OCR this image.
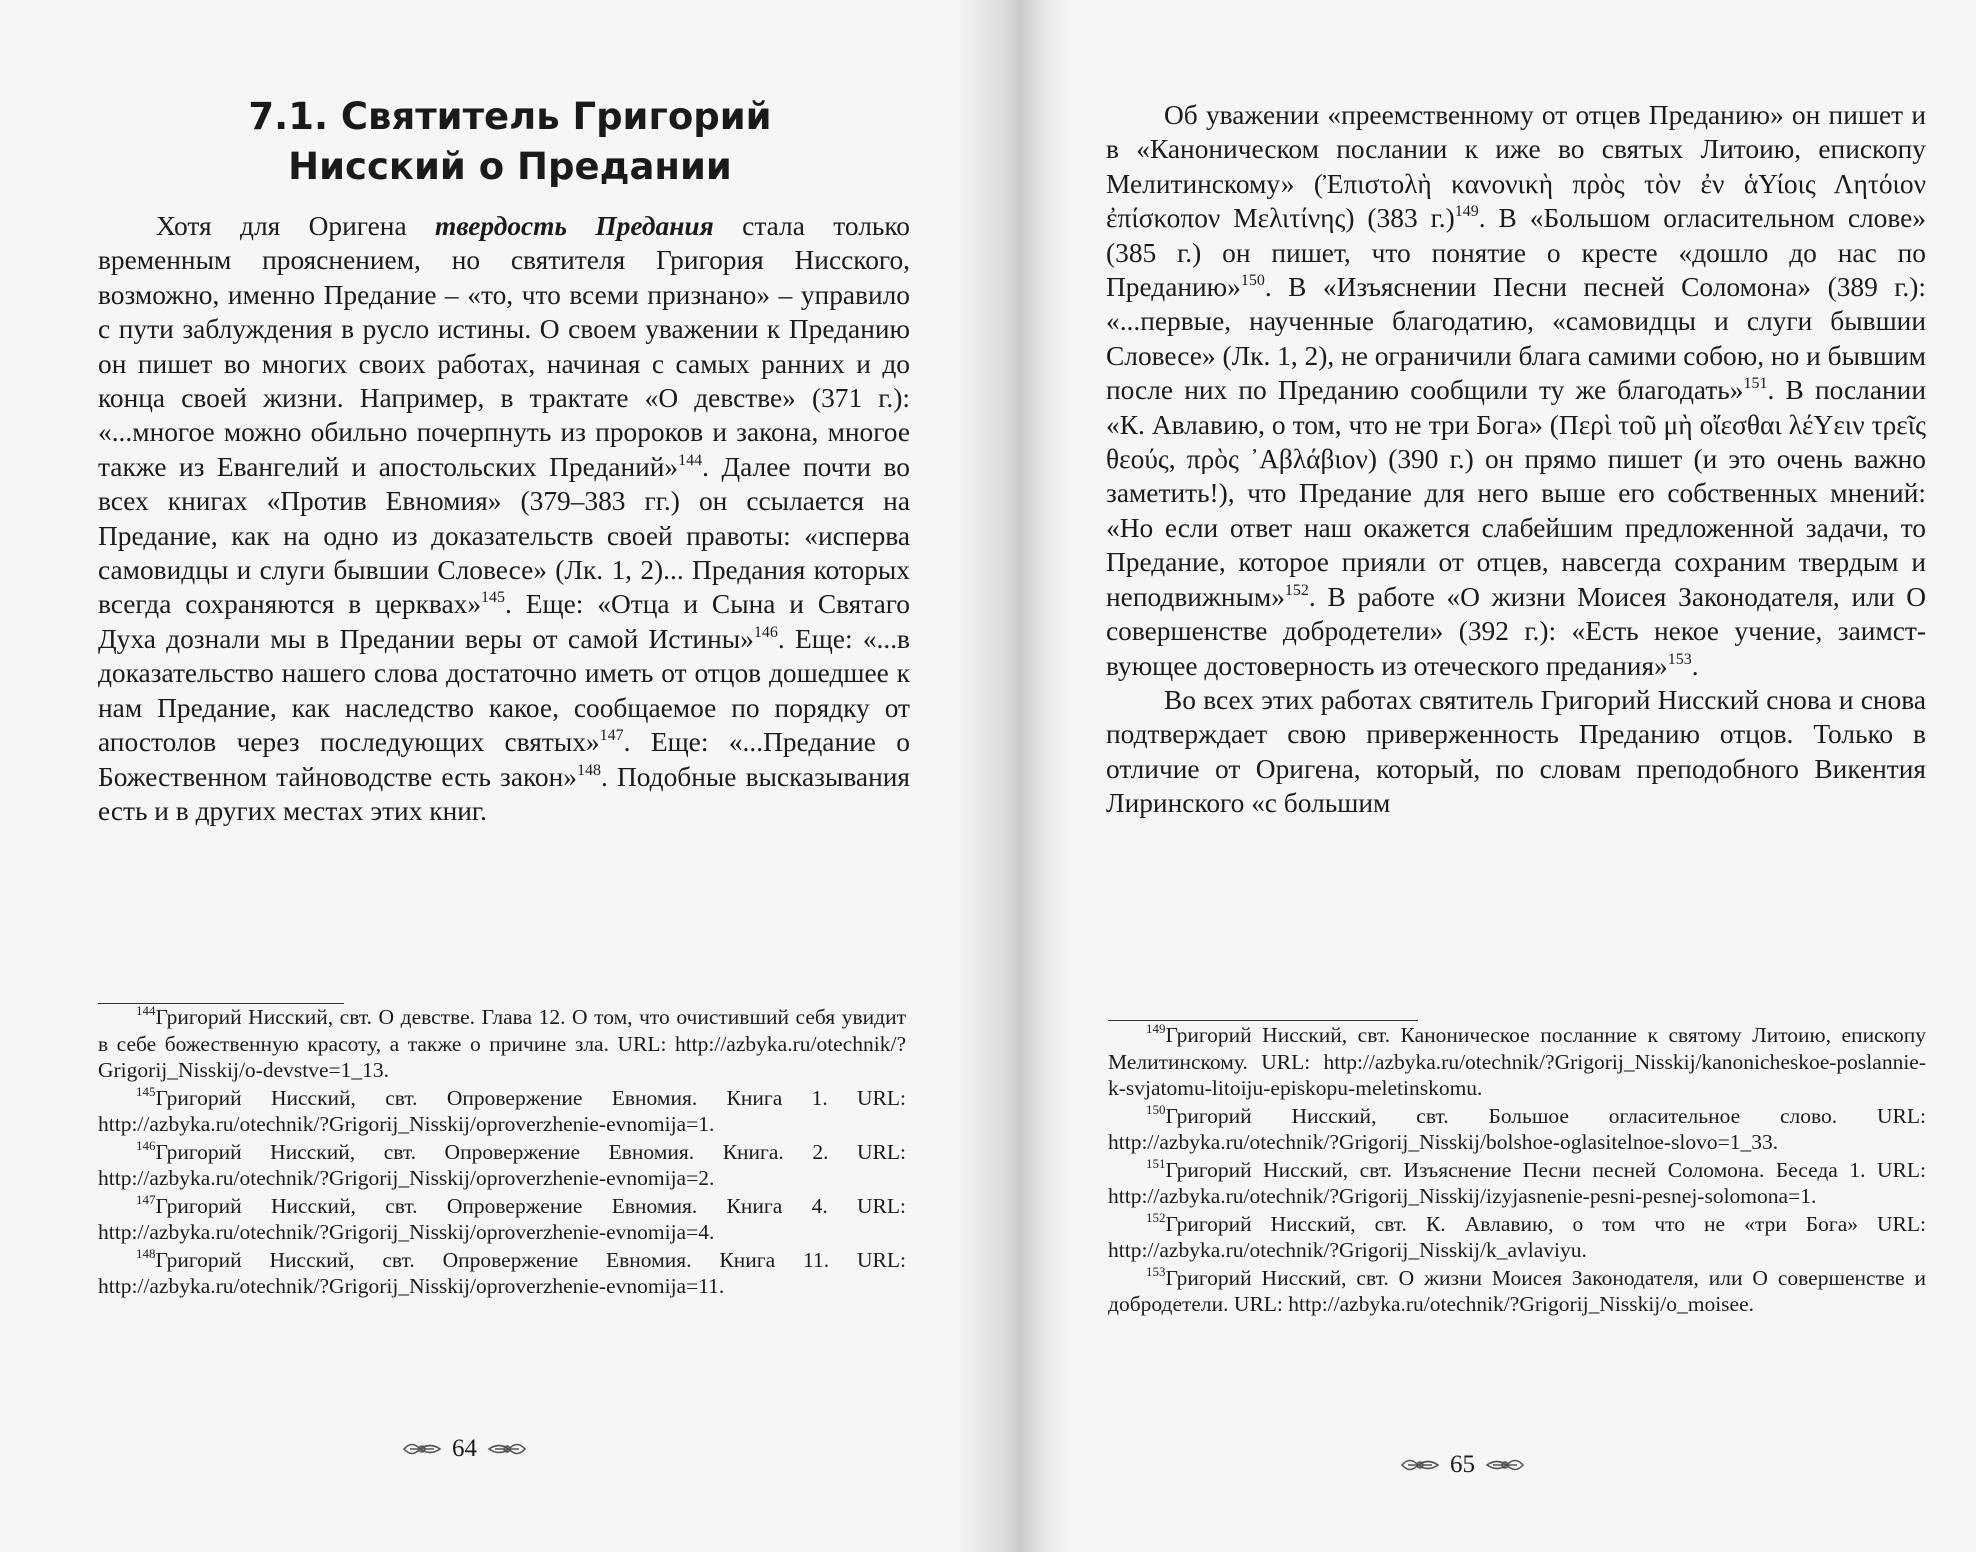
7.1. Святитель Григорий Нисский о Предании

Хотя для Оригена твердость Предания стала только временным прояснением, но святителя Григория Нисского, возможно, именно Предание – «то, что всеми признано» – управило с пути заблуждения в русло истины. О своем уважении к Преданию он пишет во многих своих работах, начиная с самых ранних и до конца своей жизни. Например, в трактате «О девстве» (371 г.): «...многое можно обильно почерпнуть из пророков и закона, многое также из Евангелий и апостольских Преданий»$^{144}$. Далее почти во всех книгах «Против Евномия» (379–383 гг.) он ссылается на Предание, как на одно из доказательств своей правоты: «исперва самовидцы и слуги бывшии Словесе» (Лк. 1, 2)... Предания которых всегда сохраняются в церквах»$^{145}$. Еще: «Отца и Сына и Святаго Духа дознали мы в Предании веры от самой Истины»$^{146}$. Еще: «...в доказательство нашего слова достаточно иметь от отцов дошедшее к нам Предание, как наследство какое, сообщаемое по порядку от апостолов через последующих святых»$^{147}$. Еще: «...Предание о Божественном тайноводстве есть закон»$^{148}$. Подобные высказывания есть и в других местах этих книг.

$^{144}$Григорий Нисский, свт. О девстве. Глава 12. О том, что очистивший себя увидит в себе божественную красоту, а также о причине зла. URL: http://azbyka.ru/otechnik/?Grigorij_Nisskij/o-devstve=1_13.

$^{145}$Григорий Нисский, свт. Опровержение Евномия. Книга 1. URL: http://azbyka.ru/otechnik/?Grigorij_Nisskij/oproverzhenie-evnomija=1.

$^{146}$Григорий Нисский, свт. Опровержение Евномия. Книга. 2. URL: http://azbyka.ru/otechnik/?Grigorij_Nisskij/oproverzhenie-evnomija=2.

$^{147}$Григорий Нисский, свт. Опровержение Евномия. Книга 4. URL: http://azbyka.ru/otechnik/?Grigorij_Nisskij/oproverzhenie-evnomija=4.

$^{148}$Григорий Нисский, свт. Опровержение Евномия. Книга 11. URL: http://azbyka.ru/otechnik/?Grigorij_Nisskij/oproverzhenie-evnomija=11.

64

Об уважении «преемственному от отцев Преданию» он пишет и в «Каноническом послании к иже во святых Литоию, епископу Мелитинскому» (Ἐπιστολὴ κανονικὴ πρὸς τὸν ἐν ἁΥίοις Λητόιον ἐπίσκοπον Μελιτίνης) (383 г.)$^{149}$. В «Большом огласительном слове» (385 г.) он пишет, что понятие о кресте «дошло до нас по Преданию»$^{150}$. В «Изъяснении Песни песней Соломона» (389 г.): «...первые, наученные благодатию, «самовидцы и слуги бывшии Словесе» (Лк. 1, 2), не ограничили блага самими собою, но и бывшим после них по Преданию сообщили ту же благодать»$^{151}$. В послании «К. Авлавию, о том, что не три Бога» (Περὶ τοῦ μὴ οἴεσθαι λέΥειν τρεῖς θεούς, πρὸς ᾿Αβλάβιον) (390 г.) он прямо пишет (и это очень важно заметить!), что Предание для него выше его собственных мнений: «Но если ответ наш окажется слабейшим предложенной задачи, то Предание, которое прияли от отцев, навсегда сохраним твердым и неподвижным»$^{152}$. В работе «О жизни Моисея Законодателя, или О совершенстве добродетели» (392 г.): «Есть некое учение, заимствующее достоверность из отеческого предания»$^{153}$.

Во всех этих работах святитель Григорий Нисский снова и снова подтверждает свою приверженность Преданию отцов. Только в отличие от Оригена, который, по словам преподобного Викентия Лиринского «с большим

$^{149}$Григорий Нисский, свт. Каноническое посланние к святому Литоию, епископу Мелитинскому. URL: http://azbyka.ru/otechnik/?Grigorij_Nisskij/kanonicheskoe-poslannie-k-svjatomu-litoiju-episkopu-meletinskomu.

$^{150}$Григорий Нисский, свт. Большое огласительное слово. URL: http://azbyka.ru/otechnik/?Grigorij_Nisskij/bolshoe-oglasitelnoe-slovo=1_33.

$^{151}$Григорий Нисский, свт. Изъяснение Песни песней Соломона. Беседа 1. URL: http://azbyka.ru/otechnik/?Grigorij_Nisskij/izyjasnenie-pesni-pesnej-solomona=1.

$^{152}$Григорий Нисский, свт. К. Авлавию, о том что не «три Бога» URL: http://azbyka.ru/otechnik/?Grigorij_Nisskij/k_avlaviyu.

$^{153}$Григорий Нисский, свт. О жизни Моисея Законодателя, или О совершенстве и добродетели. URL: http://azbyka.ru/otechnik/?Grigorij_Nisskij/o_moisee.

65
